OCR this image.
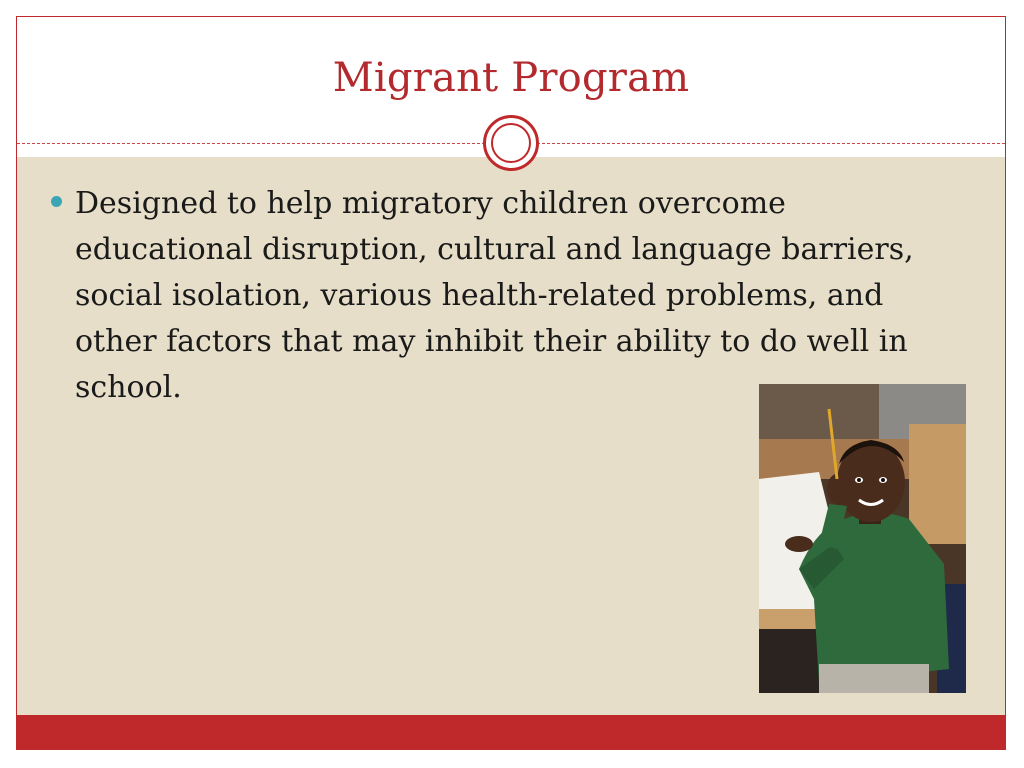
Migrant Program
Designed to help migratory children overcome educational disruption, cultural and language barriers, social isolation, various health-related problems, and other factors that may inhibit their ability to do well in school.
